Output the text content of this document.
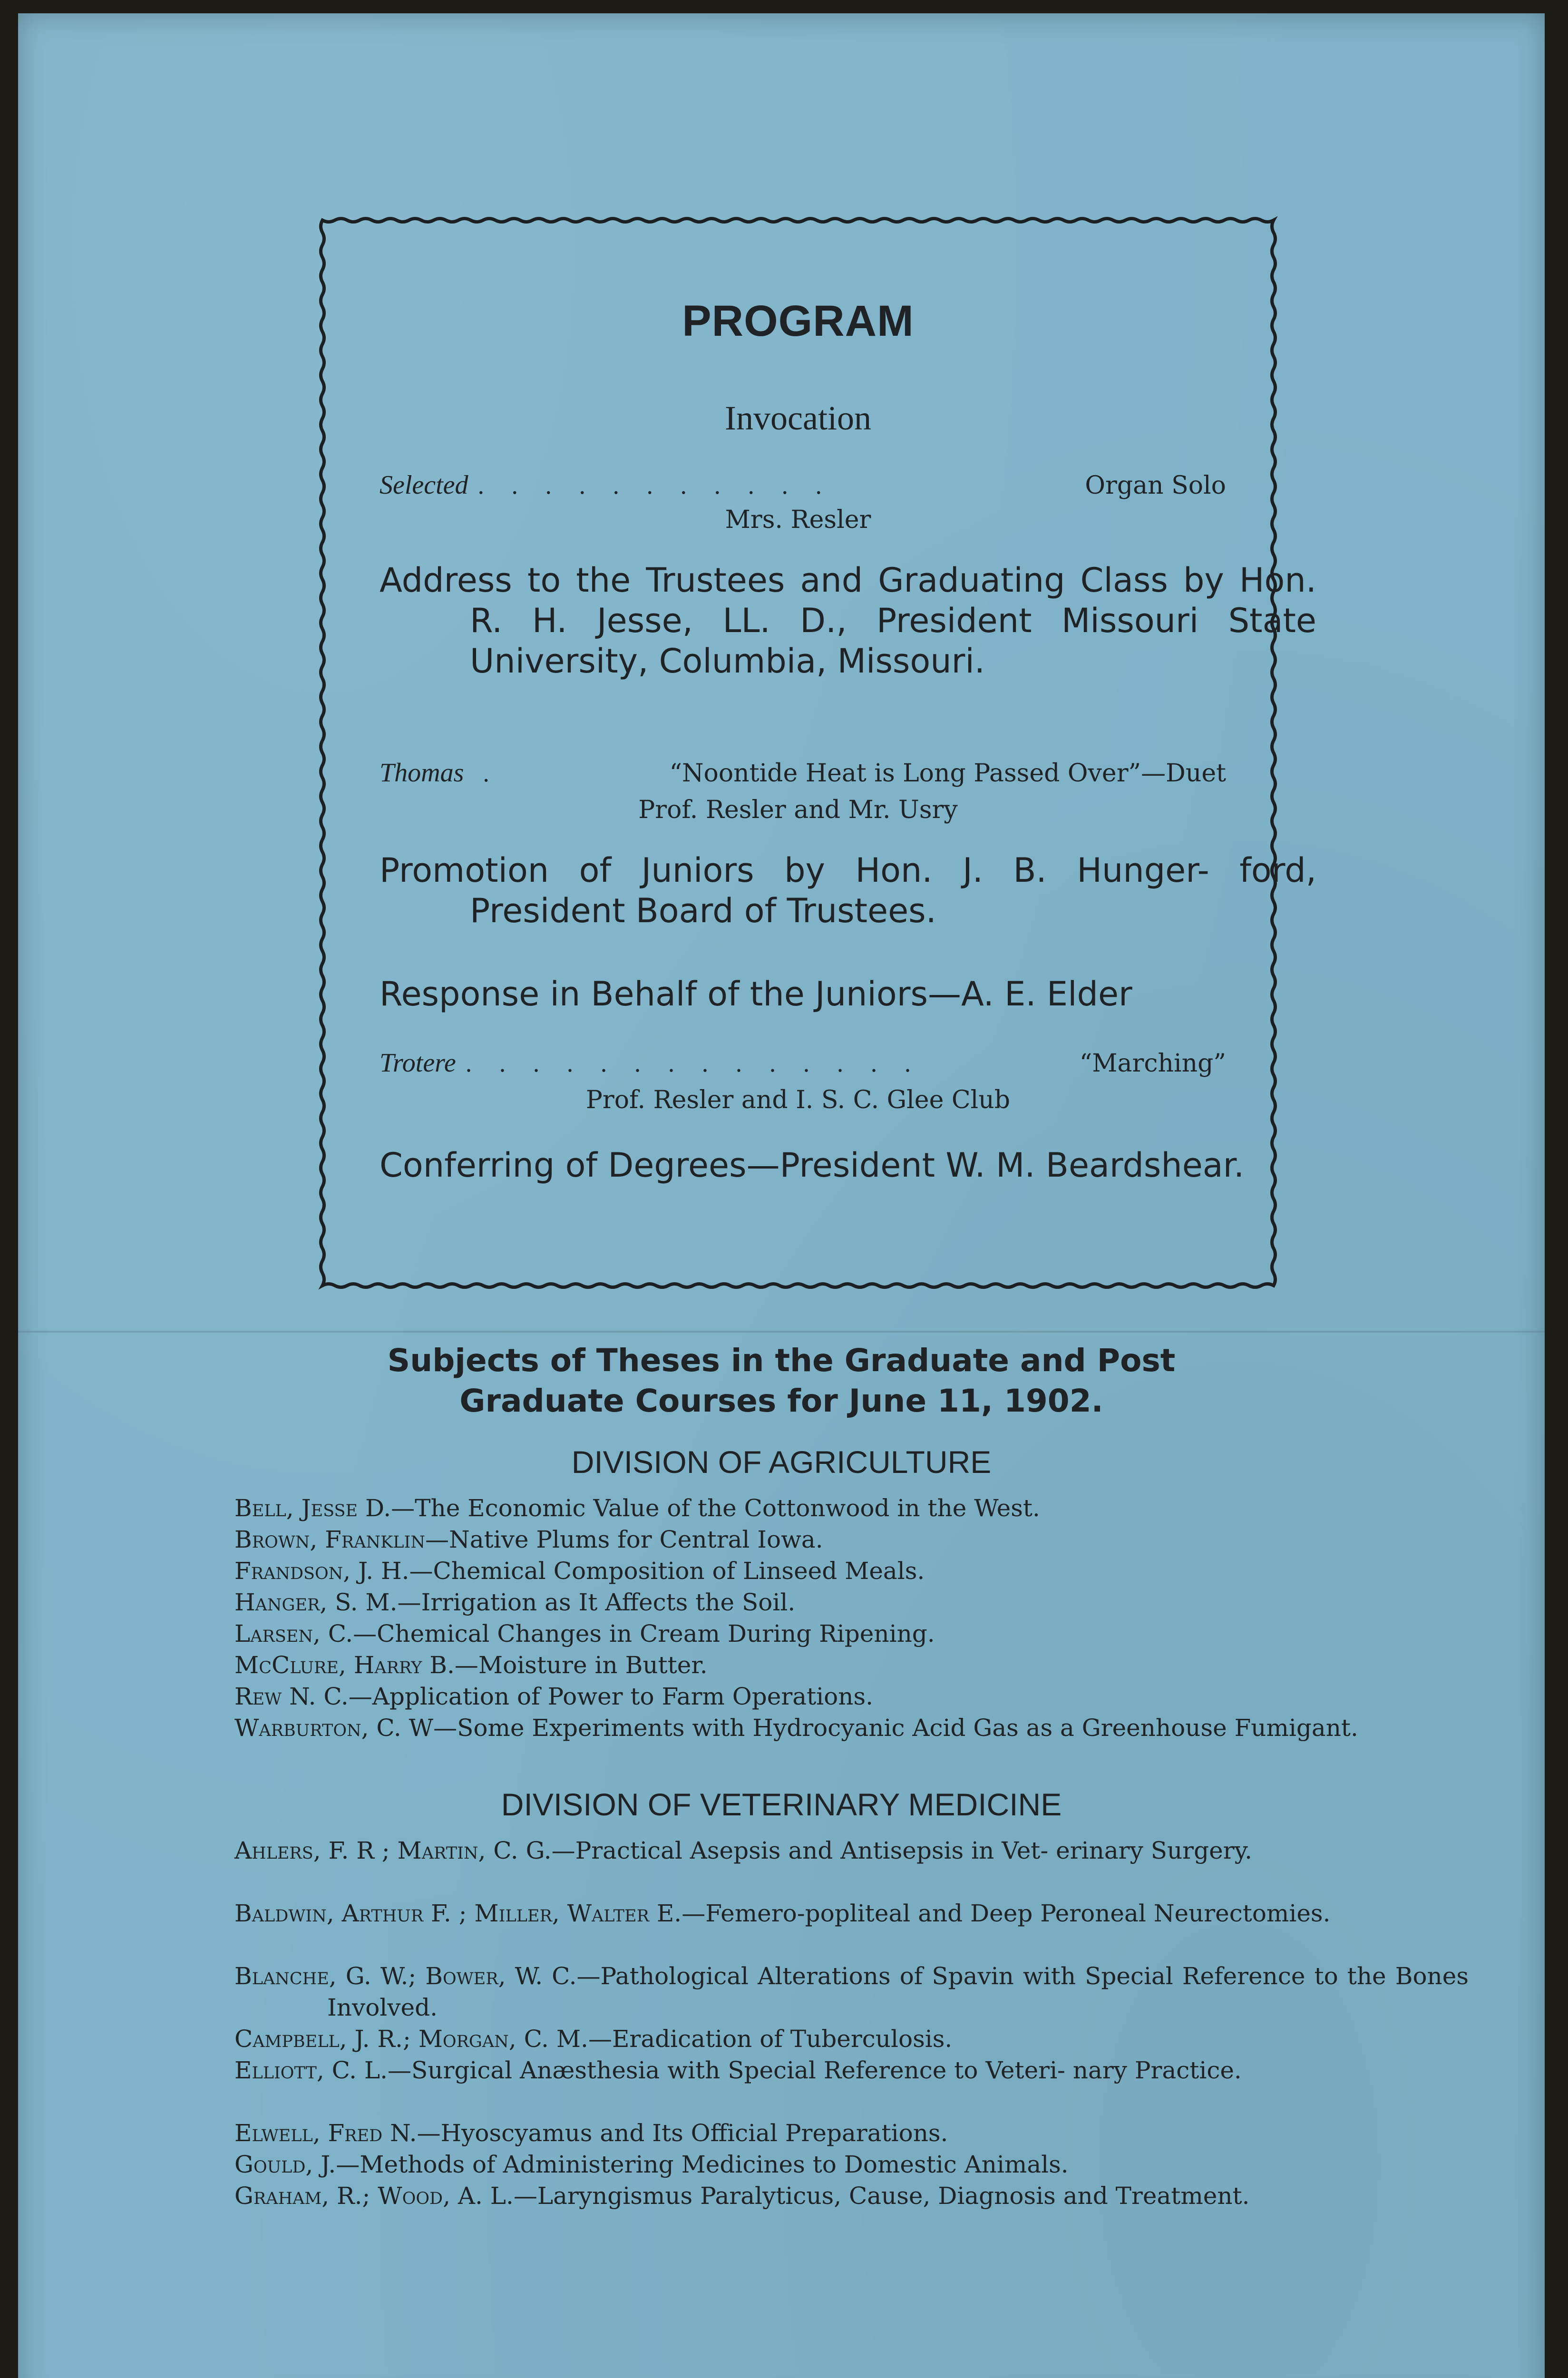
PROGRAM
Invocation
Selected . . . . . . . . . . .	Organ Solo
Mrs. Resler
Address to the Trustees and Graduating Class by Hon. R. H. Jesse, LL. D., President Missouri State University, Columbia, Missouri.
Thomas .	“Noontide Heat is Long Passed Over”—Duet
Prof. Resler and Mr. Usry
Promotion of Juniors by Hon. J. B. Hunger- ford, President Board of Trustees.
Response in Behalf of the Juniors—A. E. Elder
Trotere . . . . . . . . . . . . . .	“Marching”
Prof. Resler and I. S. C. Glee Club
Conferring of Degrees—President W. M. Beardshear.
Subjects of Theses in the Graduate and Post
Graduate Courses for June 11, 1902.
DIVISION OF AGRICULTURE
Bell, Jesse D.—The Economic Value of the Cottonwood in the West.
Brown, Franklin—Native Plums for Central Iowa.
Frandson, J. H.—Chemical Composition of Linseed Meals.
Hanger, S. M.—Irrigation as It Affects the Soil.
Larsen, C.—Chemical Changes in Cream During Ripening.
McClure, Harry B.—Moisture in Butter.
Rew N. C.—Application of Power to Farm Operations.
Warburton, C. W—Some Experiments with Hydrocyanic Acid Gas as a Greenhouse Fumigant.
DIVISION OF VETERINARY MEDICINE
Ahlers, F. R ; Martin, C. G.—Practical Asepsis and Antisepsis in Vet- erinary Surgery.
Baldwin, Arthur F. ; Miller, Walter E.—Femero-popliteal and Deep Peroneal Neurectomies.
Blanche, G. W.; Bower, W. C.—Pathological Alterations of Spavin with Special Reference to the Bones Involved.
Campbell, J. R.; Morgan, C. M.—Eradication of Tuberculosis.
Elliott, C. L.—Surgical Anæsthesia with Special Reference to Veteri- nary Practice.
Elwell, Fred N.—Hyoscyamus and Its Official Preparations.
Gould, J.—Methods of Administering Medicines to Domestic Animals.
Graham, R.; Wood, A. L.—Laryngismus Paralyticus, Cause, Diagnosis and Treatment.
